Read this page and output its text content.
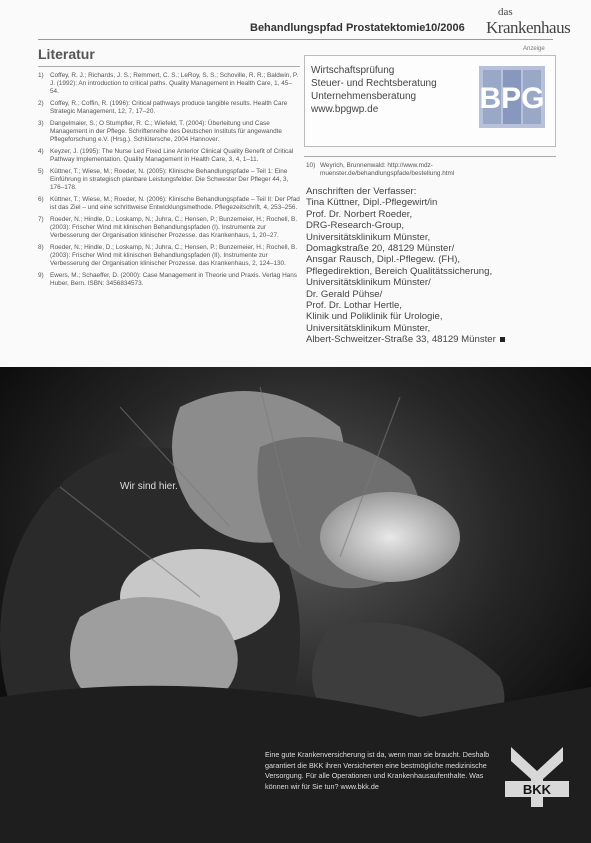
Behandlungspfad Prostatektomie 10/2006
das
Krankenhaus
Literatur
1) Coffey, R. J.; Richards, J. S.; Remmert, C. S.; LeRoy, S. S.; Schoville, R. R.; Baldwin, P. J. (1992): An introduction to critical paths. Quality Management in Health Care, 1, 45–54.
2) Coffey, R.; Coffin, R. (1996): Critical pathways produce tangible results. Health Care Strategic Management, 12, 7, 17–20.
3) Dangelmaier, S.; O Stumpfler, R. C.; Wiefeld, T. (2004): Überleitung und Case Management in der Pflege. Schriftenreihe des Deutschen Instituts für angewandte Pflegeforschung e.V. (Hrsg.). Schlütersche, 2004 Hannover.
4) Keyzer, J. (1995): The Nurse Led Fixed Line Anterior Clinical Quality Benefit of Critical Pathway Implementation. Quality Management in Health Care, 3, 4, 1–11.
5) Küttner, T.; Wiese, M.; Roeder, N. (2005): Klinische Behandlungspfade – Teil 1: Eine Einführung in strategisch planbare Leistungsfelder. Die Schwester Der Pfleger 44, 3, 176–178.
6) Küttner, T.; Wiese, M.; Roeder, N. (2006): Klinische Behandlungspfade – Teil II: Der Pfad ist das Ziel – und eine schrittweise Entwicklungsmethode. Pflegezeitschrift, 4, 253–256.
7) Roeder, N.; Hindle, D.; Loskamp, N.; Juhra, C.; Hensen, P.; Bunzemeier, H.; Rochell, B. (2003): Frischer Wind mit klinischen Behandlungspfaden (I). Instrumente zur Verbesserung der Organisation klinischer Prozesse. das Krankenhaus, 1, 20–27.
8) Roeder, N.; Hindle, D.; Loskamp, N.; Juhra, C.; Hensen, P.; Bunzemeier, H.; Rochell, B. (2003): Frischer Wind mit klinischen Behandlungspfaden (II). Instrumente zur Verbesserung der Organisation klinischer Prozesse. das Krankenhaus, 2, 124–130.
9) Ewers, M.; Schaeffer, D. (2000): Case Management in Theorie und Praxis. Verlag Hans Huber, Bern. ISBN: 3456834573.
Anzeige
Wirtschaftsprüfung
Steuer- und Rechtsberatung
Unternehmensberatung
www.bpgwp.de	BPG
10) Weyrich, Brunnenwald: http://www.mdz-muenster.de/behandlungspfade/bestellung.html
Anschriften der Verfasser:
Tina Küttner, Dipl.-Pflegewirt/in
Prof. Dr. Norbert Roeder,
DRG-Research-Group,
Universitätsklinikum Münster,
Domagkstraße 20, 48129 Münster/
Ansgar Rausch, Dipl.-Pflegew. (FH),
Pflegedirektion, Bereich Qualitätssicherung,
Universitätsklinikum Münster/
Dr. Gerald Pühse/
Prof. Dr. Lothar Hertle,
Klinik und Poliklinik für Urologie,
Universitätsklinikum Münster,
Albert-Schweitzer-Straße 33, 48129 Münster
Wir sind hier.
Eine gute Krankenversicherung ist da, wenn man sie braucht. Deshalb garantiert die BKK ihren Versicherten eine bestmögliche medizinische Versorgung. Für alle Operationen und Krankenhausaufenthalte. Was können wir für Sie tun? www.bkk.de	BKK
